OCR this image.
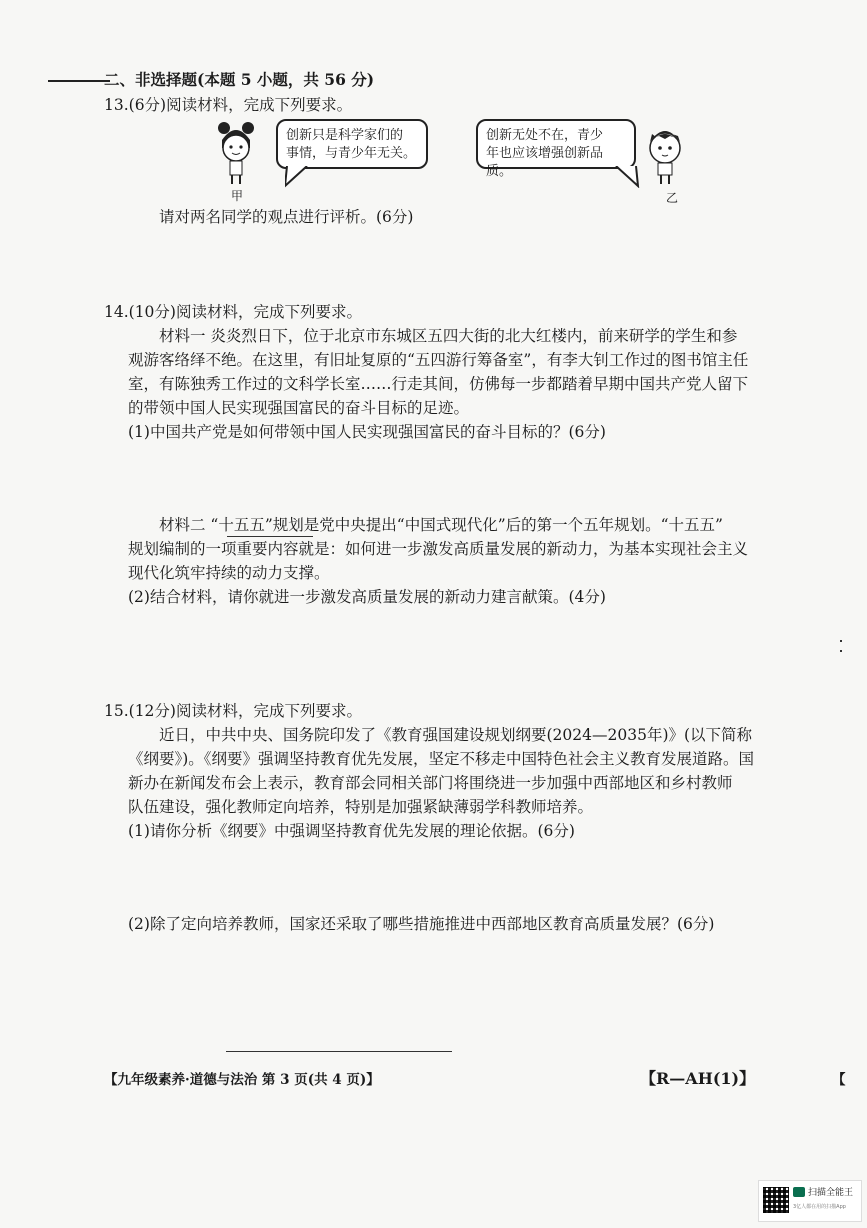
二、非选择题(本题 5 小题，共 56 分)
13.(6分)阅读材料，完成下列要求。
甲
创新只是科学家们的
事情，与青少年无关。
创新无处不在，青少
年也应该增强创新品质。
乙
请对两名同学的观点进行评析。(6分)
14.(10分)阅读材料，完成下列要求。
材料一 炎炎烈日下，位于北京市东城区五四大街的北大红楼内，前来研学的学生和参
观游客络绎不绝。在这里，有旧址复原的“五四游行筹备室”，有李大钊工作过的图书馆主任
室，有陈独秀工作过的文科学长室……行走其间，仿佛每一步都踏着早期中国共产党人留下
的带领中国人民实现强国富民的奋斗目标的足迹。
(1)中国共产党是如何带领中国人民实现强国富民的奋斗目标的？(6分)
材料二 “十五五”规划是党中央提出“中国式现代化”后的第一个五年规划。“十五五”
规划编制的一项重要内容就是：如何进一步激发高质量发展的新动力，为基本实现社会主义
现代化筑牢持续的动力支撑。
(2)结合材料，请你就进一步激发高质量发展的新动力建言献策。(4分)
15.(12分)阅读材料，完成下列要求。
近日，中共中央、国务院印发了《教育强国建设规划纲要(2024—2035年)》(以下简称
《纲要》)。《纲要》强调坚持教育优先发展，坚定不移走中国特色社会主义教育发展道路。国
新办在新闻发布会上表示，教育部会同相关部门将围绕进一步加强中西部地区和乡村教师
队伍建设，强化教师定向培养，特别是加强紧缺薄弱学科教师培养。
(1)请你分析《纲要》中强调坚持教育优先发展的理论依据。(6分)
(2)除了定向培养教师，国家还采取了哪些措施推进中西部地区教育高质量发展？(6分)
【九年级素养·道德与法治 第 3 页(共 4 页)】	【R—AH(1)】	【
扫描全能王
3亿人都在用的扫描App
